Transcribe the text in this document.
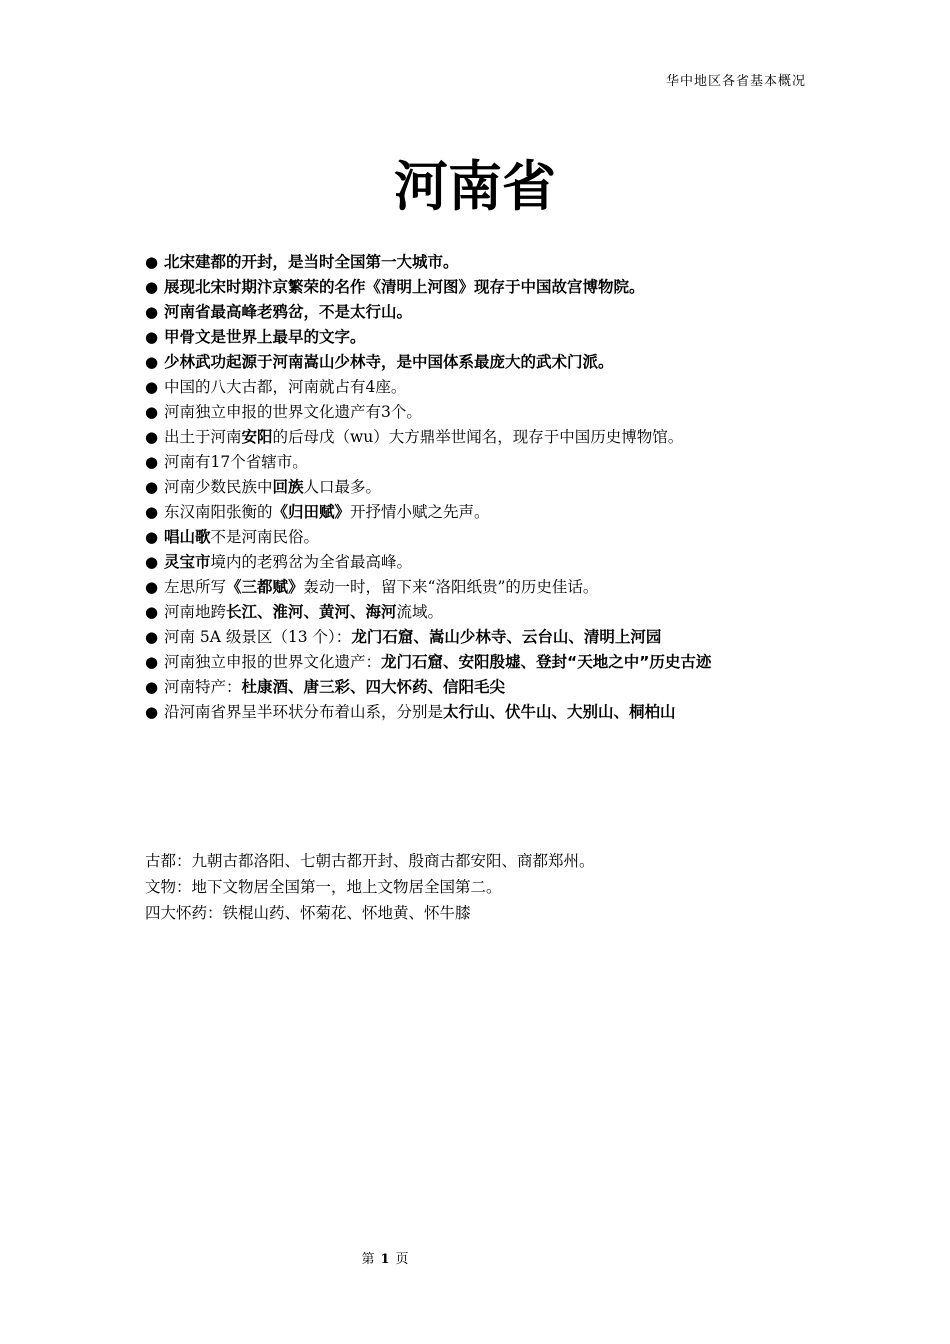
华中地区各省基本概况
河南省
● 北宋建都的开封，是当时全国第一大城市。
● 展现北宋时期汴京繁荣的名作《清明上河图》现存于中国故宫博物院。
● 河南省最高峰老鸦岔，不是太行山。
● 甲骨文是世界上最早的文字。
● 少林武功起源于河南嵩山少林寺，是中国体系最庞大的武术门派。
● 中国的八大古都，河南就占有4座。
● 河南独立申报的世界文化遗产有3个。
● 出土于河南安阳的后母戊（wu）大方鼎举世闻名，现存于中国历史博物馆。
● 河南有17个省辖市。
● 河南少数民族中回族人口最多。
● 东汉南阳张衡的《归田赋》开抒情小赋之先声。
● 唱山歌不是河南民俗。
● 灵宝市境内的老鸦岔为全省最高峰。
● 左思所写《三都赋》轰动一时，留下来“洛阳纸贵”的历史佳话。
● 河南地跨长江、淮河、黄河、海河流域。
● 河南 5A 级景区（13 个）：龙门石窟、嵩山少林寺、云台山、清明上河园
● 河南独立申报的世界文化遗产：龙门石窟、安阳殷墟、登封“天地之中”历史古迹
● 河南特产：杜康酒、唐三彩、四大怀药、信阳毛尖
● 沿河南省界呈半环状分布着山系，分别是太行山、伏牛山、大别山、桐柏山
古都：九朝古都洛阳、七朝古都开封、殷商古都安阳、商都郑州。
文物：地下文物居全国第一，地上文物居全国第二。
四大怀药：铁棍山药、怀菊花、怀地黄、怀牛膝
第 1 页
